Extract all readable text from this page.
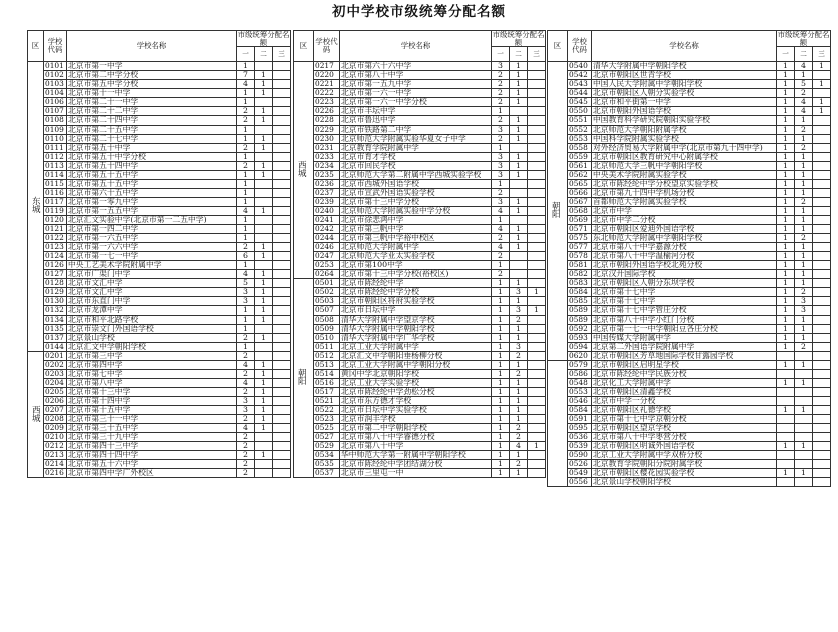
初中学校市级统筹分配名额
区	学校代码	学校名称	市级统筹分配名额		
			一	二	三
东城	0101	北京市第一中学	1		
	0102	北京市第二中学分校	7	1	
	0103	北京市第五中学分校	4	1	
	0104	北京市第十一中学	1	1	
	0106	北京市第二十一中学	1		
	0107	北京市第二十二中学	2	1	
	0108	北京市第二十四中学	2	1	
	0109	北京市第二十五中学	1		
	0110	北京市第二十七中学	1	1	
	0111	北京市第五十中学	2	1	
	0112	北京市第五十中学分校	1		
	0113	北京市第五十四中学	2	1	
	0114	北京市第五十五中学	1	1	
	0115	北京市第五十五中学	1		
	0116	北京市第六十五中学	1		
	0117	北京市第一零九中学	1		
	0119	北京市第一五五中学	4	1	
	0120	北京汇文实验中学(北京市第一二五中学)	1		
	0121	北京市第一四二中学	1		
	0122	北京市第一六五中学	1		
	0123	北京市第一六六中学	2	1	
	0124	北京市第一七一中学	6	1	
	0126	中央工艺美术学院附属中学	1		
	0127	北京市广渠门中学	4	1	
	0128	北京市文汇中学	5	1	
	0129	北京市文汇中学	3	1	
	0130	北京市东直门中学	3	1	
	0132	北京市龙潭中学	1	1	
	0134	北京市和平北路学校	1	1	
	0135	北京市崇文门外国语学校	1		
	0137	北京景山学校	2	1	
	0144	北京汇文中学朝阳学校	1		
西城	0201	北京市第三中学	2		
	0202	北京市第四中学	4	1	
	0203	北京市第七中学	2	1	
	0204	北京市第八中学	4	1	
	0205	北京市第十三中学	2	1	
	0206	北京市第十四中学	3	1	
	0207	北京市第十五中学	3	1	
	0208	北京市第三十一中学	2	1	
	0209	北京市第三十五中学	4	1	
	0210	北京市第三十九中学	2		
	0212	北京市第四十三中学	2		
	0213	北京市第四十四中学	2	1	
	0214	北京市第五十六中学	2		
	0216	北京市第四中学广外校区	2		
区	学校代码	学校名称	市级统筹分配名额		
			一	二	三
西城	0217	北京市第六十六中学	3	1	
	0220	北京市第八十中学	2	1	
	0221	北京市第一五九中学	2	1	
	0222	北京市第一六一中学	2	1	
	0223	北京市第一六一中学分校	2	1	
	0226	北京市丰坛中学	1		
	0228	北京市鲁迅中学	2	1	
	0229	北京市铁路第二中学	3	1	
	0230	北京师范大学附属实验华夏女子中学	2	1	
	0231	北京教育学院附属中学	1		
	0233	北京市育才学校	3	1	
	0234	北京市回民学校	3	1	
	0235	北京师范大学第二附属中学西城实验学校	3	1	
	0236	北京市西城外国语学校	1		
	0237	北京市宣武外国语实验学校	2		
	0239	北京市第十三中学分校	3	1	
	0240	北京师范大学附属实验中学分校	4	1	
	0241	北京市徐悲鸿中学	1		
	0242	北京市第三帆中学	4	1	
	0244	北京市第三帆中学裕中校区	2	1	
	0246	北京师范大学附属中学	4	1	
	0247	北京师范大学亚太实验学校	2		
	0253	北京市第100中学	1		
	0264	北京市第十三中学分校(裕校区)	2		
朝阳	0501	北京市陈经纶中学	1	1	
	0502	北京市陈经纶中学分校	1	3	1
	0503	北京市朝阳区将府实验学校	1	1	
	0507	北京市日坛中学	1	3	1
	0508	清华大学附属中学望京学校	1	2	
	0509	清华大学附属中学朝阳学校	1	1	
	0510	清华大学附属中学广华学校	1	1	
	0511	北京工业大学附属中学	1	3	
	0512	北京汇文中学朝阳垂杨柳分校	1	2	
	0513	北京工业大学附属中学朝阳分校	1	1	
	0514	黄冈中学北京朝阳学校	1	2	
	0516	北京工业大学实验学校	1	1	
	0517	北京市陈经纶中学劲松分校	1	1	
	0521	北京市东方德才学校	1	1	
	0522	北京市日坛中学实验学校	1	1	
	0523	北京市润丰学校	1	1	
	0525	北京市第二中学朝阳学校	1	2	
	0527	北京市第八十中学睿德分校	1	2	
	0529	北京市第八十中学	1	4	1
	0534	华中师范大学第一附属中学朝阳学校	1	1	
	0535	北京市陈经纶中学团结湖分校	1	2	
	0537	北京市三里屯一中	1	1	
区	学校代码	学校名称	市级统筹分配名额		
			一	二	三
朝阳	0540	清华大学附属中学朝阳学校	1	4	1
	0542	北京市朝阳区世青学校	1	1	
	0543	中国人民大学附属中学朝阳学校	1	5	1
	0544	北京市朝阳区人朝分实验学校	1	2	
	0545	北京市和平街第一中学	1	4	1
	0550	北京市朝阳外国语学校	1	4	1
	0551	中国教育科学研究院朝阳实验学校	1	1	
	0552	北京师范大学朝阳附属学校	1	2	
	0553	中国科学院附属实验学校	1	1	
	0558	对外经济贸易大学附属中学(北京市第九十四中学)	1	2	
	0559	北京市朝阳区教育研究中心附属学校	1	1	
	0561	北京师范大学三帆中学朝阳学校	1	1	
	0562	中央美术学院附属实验学校	1	1	
	0565	北京市陈经纶中学分校望京实验学校	1	1	
	0566	北京市第九十四中学机场分校	1	1	
	0567	首都师范大学附属实验学校	1	2	
	0568	北京市中学	1	1	
	0569	北京市中学二分校	1	1	
	0571	北京市朝阳区爱迪外国语学校	1	1	
	0575	东北师范大学附属中学朝阳学校	1	2	
	0577	北京市第八十中学嘉源分校	1	1	
	0578	北京市第八十中学温榆河分校	1	1	
	0581	北京市朝阳外国语学校北苑分校	1	1	
	0582	北京汉开国际学校	1	1	
	0583	北京市朝阳区人朝分东坝学校	1	1	
	0584	北京市第十七中学	1	2	
	0585	北京市第十七中学	1	3	
	0589	北京市第十七中学管庄分校	1	3	
	0589	北京市第八十中学小红门分校	1	1	
	0592	北京市第一七一中学朝阳豆各庄分校	1	1	
	0593	中国传媒大学附属中学	1	1	
	0594	北京第二外国语学院附属中学	1	2	
	0620	北京市朝阳区芳草地国际学校甘露园学校			
	0579	北京市朝阳区启明星学校	1	1	
	0586	北京市陈经纶中学民族分校			
	0548	北京化工大学附属中学	1	1	
	0553	北京市朝阳区清鑫学校			
	0546	北京市中学一分校			
	0584	北京市朝阳区礼德学校	1	1	
	0591	北京市第十七中学京朝分校			
	0595	北京市朝阳区望京学校			
	0536	北京市第八十中学枣营分校			
	0539	北京市朝阳区明诚外国语学校	1	1	
	0590	北京工业大学附属中学双桥分校			
	0526	北京教育学院朝阳分院附属学校			
	0549	北京市朝阳区樱花园实验学校	1	1	
	0556	北京景山学校朝阳学校			
